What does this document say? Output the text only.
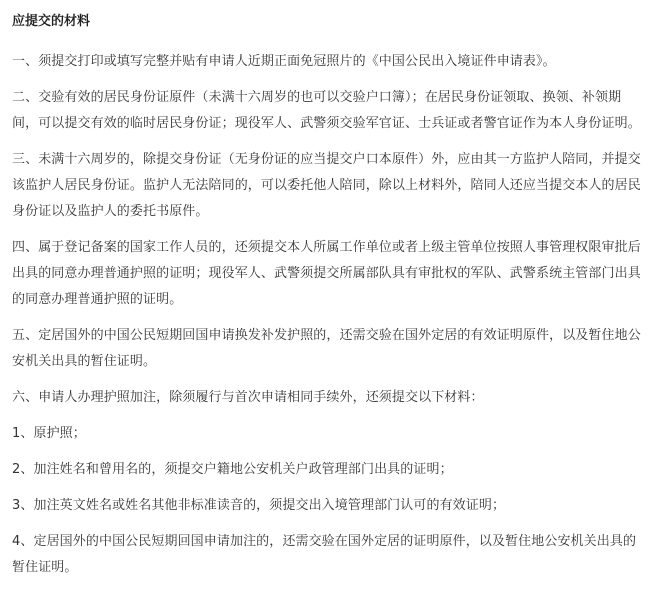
应提交的材料

一、须提交打印或填写完整并贴有申请人近期正面免冠照片的《中国公民出入境证件申请表》。

二、交验有效的居民身份证原件（未满十六周岁的也可以交验户口簿）；在居民身份证领取、换领、补领期间，可以提交有效的临时居民身份证；现役军人、武警须交验军官证、士兵证或者警官证作为本人身份证明。

三、未满十六周岁的，除提交身份证（无身份证的应当提交户口本原件）外，应由其一方监护人陪同，并提交该监护人居民身份证。监护人无法陪同的，可以委托他人陪同，除以上材料外，陪同人还应当提交本人的居民身份证以及监护人的委托书原件。

四、属于登记备案的国家工作人员的，还须提交本人所属工作单位或者上级主管单位按照人事管理权限审批后出具的同意办理普通护照的证明；现役军人、武警须提交所属部队具有审批权的军队、武警系统主管部门出具的同意办理普通护照的证明。

五、定居国外的中国公民短期回国申请换发补发护照的，还需交验在国外定居的有效证明原件，以及暂住地公安机关出具的暂住证明。

六、申请人办理护照加注，除须履行与首次申请相同手续外，还须提交以下材料：

1、原护照；

2、加注姓名和曾用名的，须提交户籍地公安机关户政管理部门出具的证明；

3、加注英文姓名或姓名其他非标准读音的，须提交出入境管理部门认可的有效证明；

4、定居国外的中国公民短期回国申请加注的，还需交验在国外定居的证明原件，以及暂住地公安机关出具的暂住证明。
